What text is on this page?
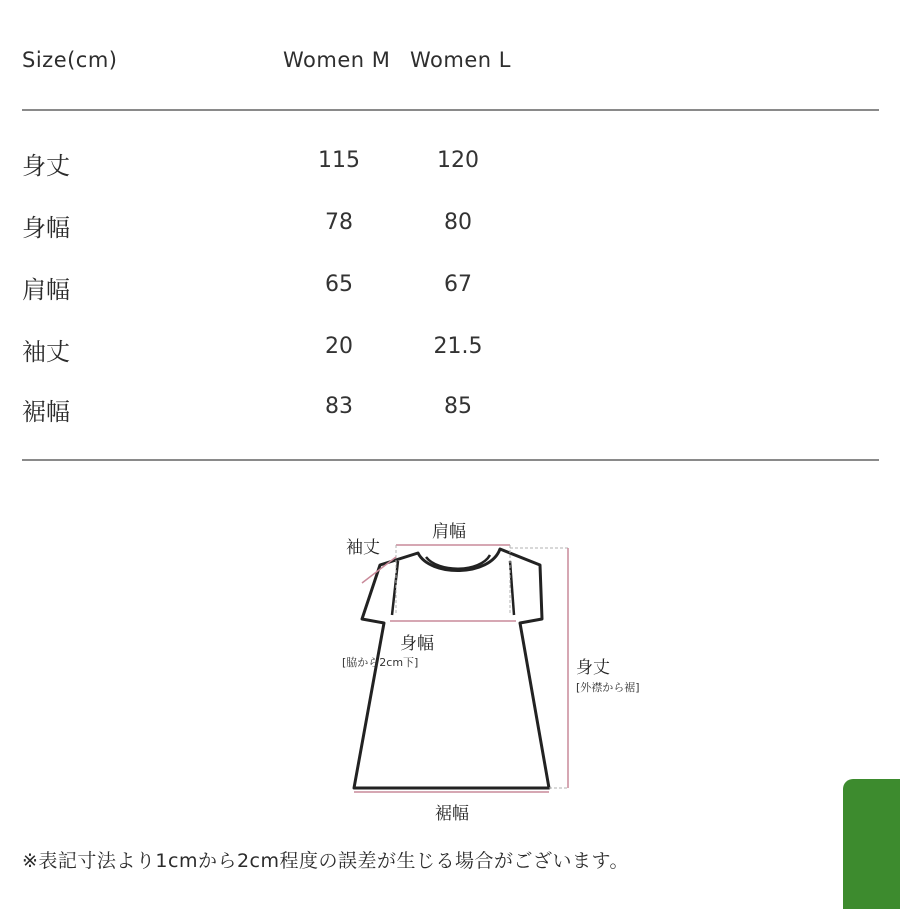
Size(cm)	Women M Women L
身丈	115	120
身幅	78	80
肩幅	65	67
袖丈	20	21.5
裾幅	83	85
肩幅
袖丈
身幅
[脇から2cm下]	身丈
[外襟から裾]
裾幅
※表記寸法より1cmから2cm程度の誤差が生じる場合がございます。
